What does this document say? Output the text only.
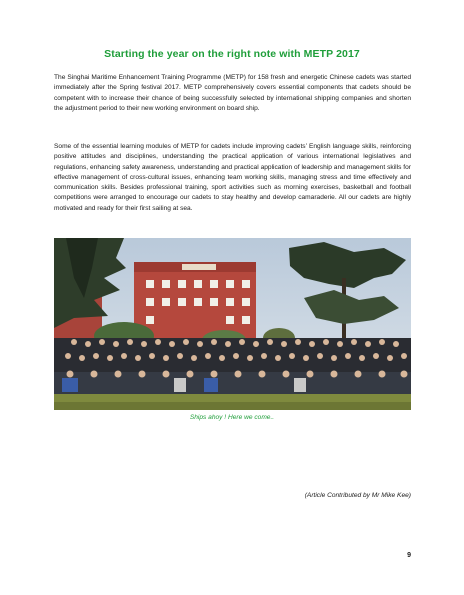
Starting the year on the right note with METP 2017
The Singhai Maritime Enhancement Training Programme (METP) for 158 fresh and energetic Chinese cadets was started immediately after the Spring festival 2017. METP comprehensively covers essential components that cadets should be competent with to increase their chance of being successfully selected by international shipping companies and shorten the adjustment period to their new working environment on board ship.
Some of the essential learning modules of METP for cadets include improving cadets’ English language skills, reinforcing positive attitudes and disciplines, understanding the practical application of various international legislatives and regulations, enhancing safety awareness, understanding and practical application of leadership and management skills for effective management of cross-cultural issues, enhancing team working skills, managing stress and time effectively and communication skills. Besides professional training, sport activities such as morning exercises, basketball and football competitions were arranged to encourage our cadets to stay healthy and develop camaraderie. All our cadets are highly motivated and ready for their first sailing at sea.
Ships ahoy ! Here we come..
(Article Contributed by Mr Mike Kee)
9
